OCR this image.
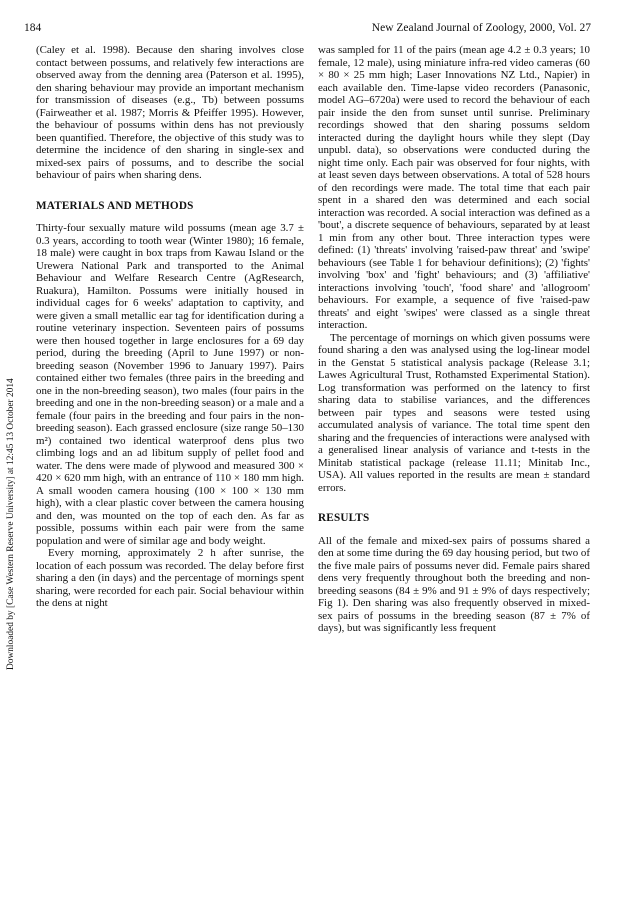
184	New Zealand Journal of Zoology, 2000, Vol. 27
Downloaded by [Case Western Reserve University] at 12:45 13 October 2014

(Caley et al. 1998). Because den sharing involves close contact between possums, and relatively few interactions are observed away from the denning area (Paterson et al. 1995), den sharing behaviour may provide an important mechanism for transmission of diseases (e.g., Tb) between possums (Fairweather et al. 1987; Morris & Pfeiffer 1995). However, the behaviour of possums within dens has not previously been quantified. Therefore, the objective of this study was to determine the incidence of den sharing in single-sex and mixed-sex pairs of possums, and to describe the social behaviour of pairs when sharing dens.

MATERIALS AND METHODS

Thirty-four sexually mature wild possums (mean age 3.7 ± 0.3 years, according to tooth wear (Winter 1980); 16 female, 18 male) were caught in box traps from Kawau Island or the Urewera National Park and transported to the Animal Behaviour and Welfare Research Centre (AgResearch, Ruakura), Hamilton. Possums were initially housed in individual cages for 6 weeks' adaptation to captivity, and were given a small metallic ear tag for identification during a routine veterinary inspection. Seventeen pairs of possums were then housed together in large enclosures for a 69 day period, during the breeding (April to June 1997) or non-breeding season (November 1996 to January 1997). Pairs contained either two females (three pairs in the breeding and one in the non-breeding season), two males (four pairs in the breeding and one in the non-breeding season) or a male and a female (four pairs in the breeding and four pairs in the non-breeding season). Each grassed enclosure (size range 50–130 m²) contained two identical waterproof dens plus two climbing logs and an ad libitum supply of pellet food and water. The dens were made of plywood and measured 300 × 420 × 620 mm high, with an entrance of 110 × 180 mm high. A small wooden camera housing (100 × 100 × 130 mm high), with a clear plastic cover between the camera housing and den, was mounted on the top of each den. As far as possible, possums within each pair were from the same population and were of similar age and body weight.

Every morning, approximately 2 h after sunrise, the location of each possum was recorded. The delay before first sharing a den (in days) and the percentage of mornings spent sharing, were recorded for each pair. Social behaviour within the dens at night

was sampled for 11 of the pairs (mean age 4.2 ± 0.3 years; 10 female, 12 male), using miniature infra-red video cameras (60 × 80 × 25 mm high; Laser Innovations NZ Ltd., Napier) in each available den. Time-lapse video recorders (Panasonic, model AG–6720a) were used to record the behaviour of each pair inside the den from sunset until sunrise. Preliminary recordings showed that den sharing possums seldom interacted during the daylight hours while they slept (Day unpubl. data), so observations were conducted during the night time only. Each pair was observed for four nights, with at least seven days between observations. A total of 528 hours of den recordings were made. The total time that each pair spent in a shared den was determined and each social interaction was recorded. A social interaction was defined as a 'bout', a discrete sequence of behaviours, separated by at least 1 min from any other bout. Three interaction types were defined: (1) 'threats' involving 'raised-paw threat' and 'swipe' behaviours (see Table 1 for behaviour definitions); (2) 'fights' involving 'box' and 'fight' behaviours; and (3) 'affiliative' interactions involving 'touch', 'food share' and 'allogroom' behaviours. For example, a sequence of five 'raised-paw threats' and eight 'swipes' were classed as a single threat interaction.

The percentage of mornings on which given possums were found sharing a den was analysed using the log-linear model in the Genstat 5 statistical analysis package (Release 3.1; Lawes Agricultural Trust, Rothamsted Experimental Station). Log transformation was performed on the latency to first sharing data to stabilise variances, and the differences between pair types and seasons were tested using accumulated analysis of variance. The total time spent den sharing and the frequencies of interactions were analysed with a generalised linear analysis of variance and t-tests in the Minitab statistical package (release 11.11; Minitab Inc., USA). All values reported in the results are mean ± standard errors.

RESULTS

All of the female and mixed-sex pairs of possums shared a den at some time during the 69 day housing period, but two of the five male pairs of possums never did. Female pairs shared dens very frequently throughout both the breeding and non-breeding seasons (84 ± 9% and 91 ± 9% of days respectively; Fig 1). Den sharing was also frequently observed in mixed-sex pairs of possums in the breeding season (87 ± 7% of days), but was significantly less frequent
